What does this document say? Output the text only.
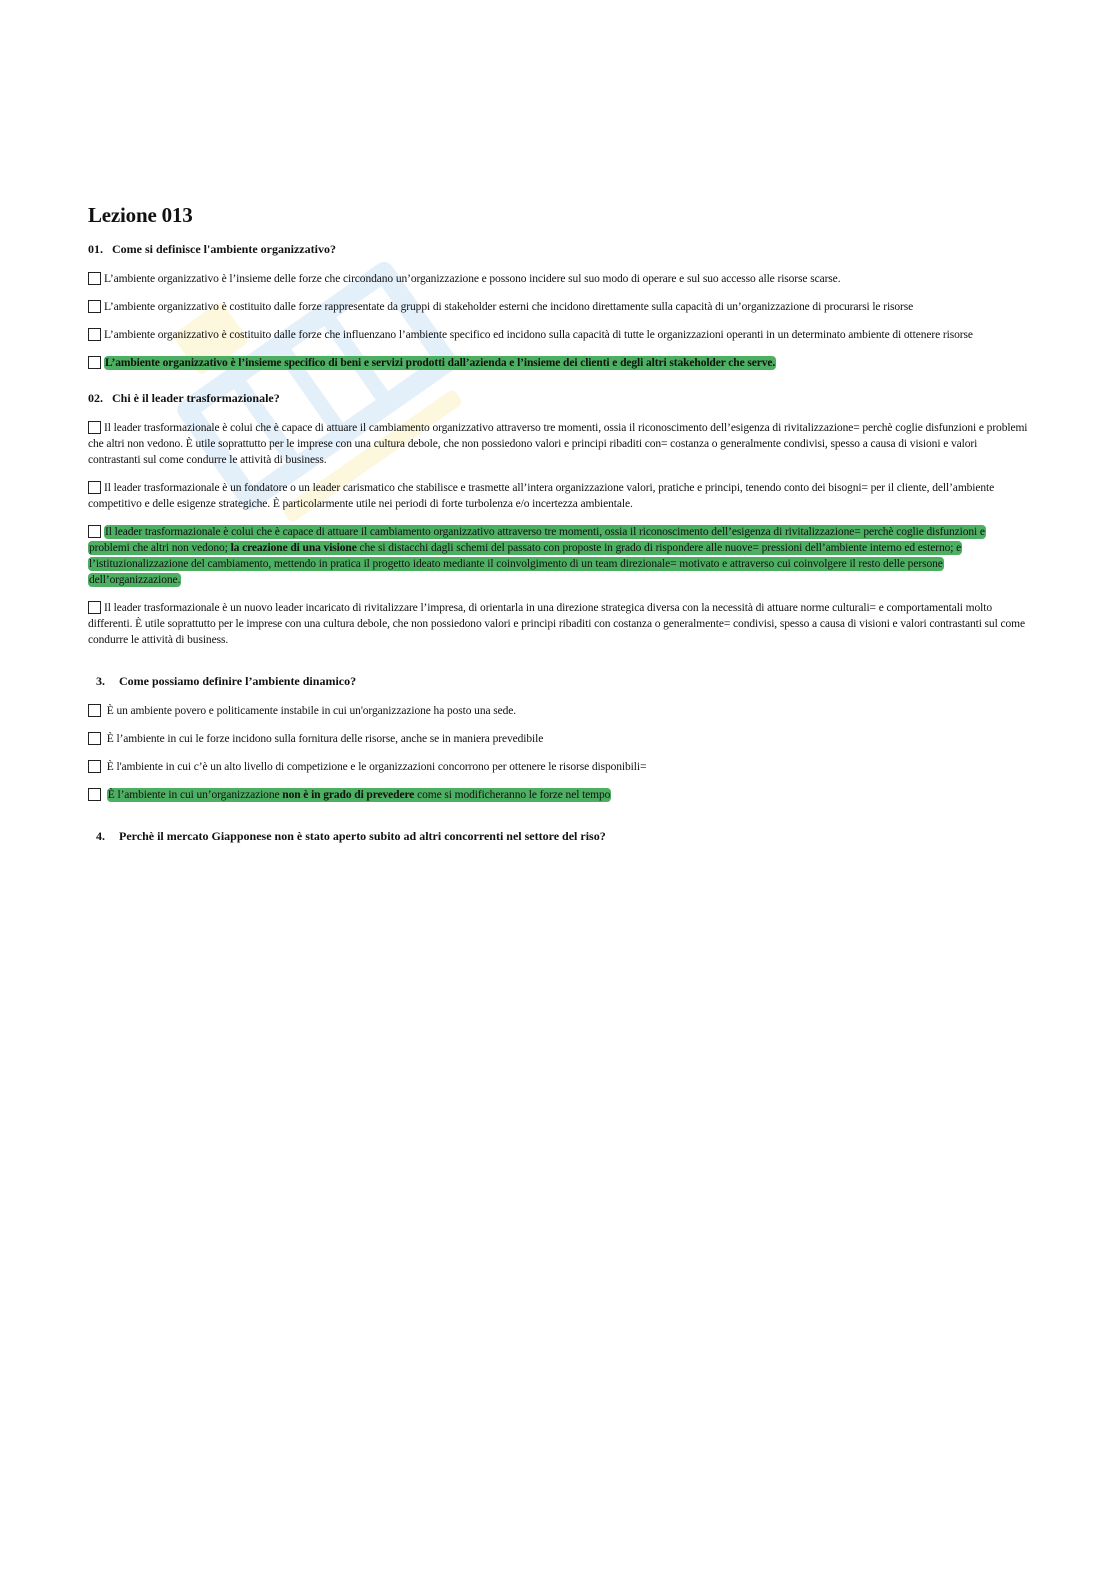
Lezione 013
01. Come si definisce l'ambiente organizzativo?
L’ambiente organizzativo è l’insieme delle forze che circondano un’organizzazione e possono incidere sul suo modo di operare e sul suo accesso alle risorse scarse.
L’ambiente organizzativo è costituito dalle forze rappresentate da gruppi di stakeholder esterni che incidono direttamente sulla capacità di un’organizzazione di procurarsi le risorse
L’ambiente organizzativo è costituito dalle forze che influenzano l’ambiente specifico ed incidono sulla capacità di tutte le organizzazioni operanti in un determinato ambiente di ottenere risorse
L’ambiente organizzativo è l’insieme specifico di beni e servizi prodotti dall’azienda e l’insieme dei clienti e degli altri stakeholder che serve.
02. Chi è il leader trasformazionale?
Il leader trasformazionale è colui che è capace di attuare il cambiamento organizzativo attraverso tre momenti, ossia il riconoscimento dell’esigenza di rivitalizzazione= perchè coglie disfunzioni e problemi che altri non vedono. È utile soprattutto per le imprese con una cultura debole, che non possiedono valori e principi ribaditi con= costanza o generalmente condivisi, spesso a causa di visioni e valori contrastanti sul come condurre le attività di business.
Il leader trasformazionale è un fondatore o un leader carismatico che stabilisce e trasmette all’intera organizzazione valori, pratiche e principi, tenendo conto dei bisogni= per il cliente, dell’ambiente competitivo e delle esigenze strategiche. È particolarmente utile nei periodi di forte turbolenza e/o incertezza ambientale.
Il leader trasformazionale è colui che è capace di attuare il cambiamento organizzativo attraverso tre momenti, ossia il riconoscimento dell’esigenza di rivitalizzazione= perchè coglie disfunzioni e problemi che altri non vedono; la creazione di una visione che si distacchi dagli schemi del passato con proposte in grado di rispondere alle nuove= pressioni dell’ambiente interno ed esterno; e l’istituzionalizzazione del cambiamento, mettendo in pratica il progetto ideato mediante il coinvolgimento di un team direzionale= motivato e attraverso cui coinvolgere il resto delle persone dell’organizzazione.
Il leader trasformazionale è un nuovo leader incaricato di rivitalizzare l’impresa, di orientarla in una direzione strategica diversa con la necessità di attuare norme culturali= e comportamentali molto differenti. È utile soprattutto per le imprese con una cultura debole, che non possiedono valori e principi ribaditi con costanza o generalmente= condivisi, spesso a causa di visioni e valori contrastanti sul come condurre le attività di business.
3. Come possiamo definire l’ambiente dinamico?
È un ambiente povero e politicamente instabile in cui un'organizzazione ha posto una sede.
È l’ambiente in cui le forze incidono sulla fornitura delle risorse, anche se in maniera prevedibile
È l'ambiente in cui c’è un alto livello di competizione e le organizzazioni concorrono per ottenere le risorse disponibili=
È l’ambiente in cui un’organizzazione non è in grado di prevedere come si modificheranno le forze nel tempo
4. Perchè il mercato Giapponese non è stato aperto subito ad altri concorrenti nel settore del riso?
